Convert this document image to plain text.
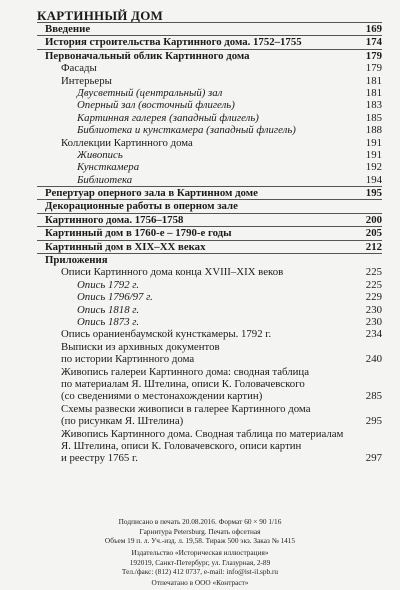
КАРТИННЫЙ ДОМ
Введение	169
История строительства Картинного дома. 1752–1755	174
Первоначальный облик Картинного дома	179
Фасады	179
Интерьеры	181
Двусветный (центральный) зал	181
Оперный зал (восточный флигель)	183
Картинная галерея (западный флигель)	185
Библиотека и кунсткамера (западный флигель)	188
Коллекции Картинного дома	191
Живопись	191
Кунсткамера	192
Библиотека	194
Репертуар оперного зала в Картинном доме	195
Декорационные работы в оперном зале
Картинного дома. 1756–1758	200
Картинный дом в 1760-е – 1790-е годы	205
Картинный дом в XIX–XX веках	212
Приложения
Описи Картинного дома конца XVIII–XIX веков	225
Опись 1792 г.	225
Опись 1796/97 г.	229
Опись 1818 г.	230
Опись 1873 г.	230
Опись ораниенбаумской кунсткамеры. 1792 г.	234
Выписки из архивных документов
по истории Картинного дома	240
Живопись галереи Картинного дома: сводная таблица
по материалам Я. Штелина, описи К. Головачевского
(со сведениями о местонахождении картин)	285
Схемы развески живописи в галерее Картинного дома
(по рисункам Я. Штелина)	295
Живопись Картинного дома. Сводная таблица по материалам
Я. Штелина, описи К. Головачевского, описи картин
и реестру 1765 г.	297
Подписано в печать 20.08.2016. Формат 60 × 90 1/16
Гарнитура Petersburg. Печать офсетная
Объем 19 п. л. Уч.-изд. л. 19,58. Тираж 500 экз. Заказ № 1415
Издательство «Историческая иллюстрация»
192019, Санкт-Петербург, ул. Глазурная, 2-89
Тел./факс: (812) 412 0737, e-mail: info@ist-il.spb.ru
Отпечатано в ООО «Контраст»
